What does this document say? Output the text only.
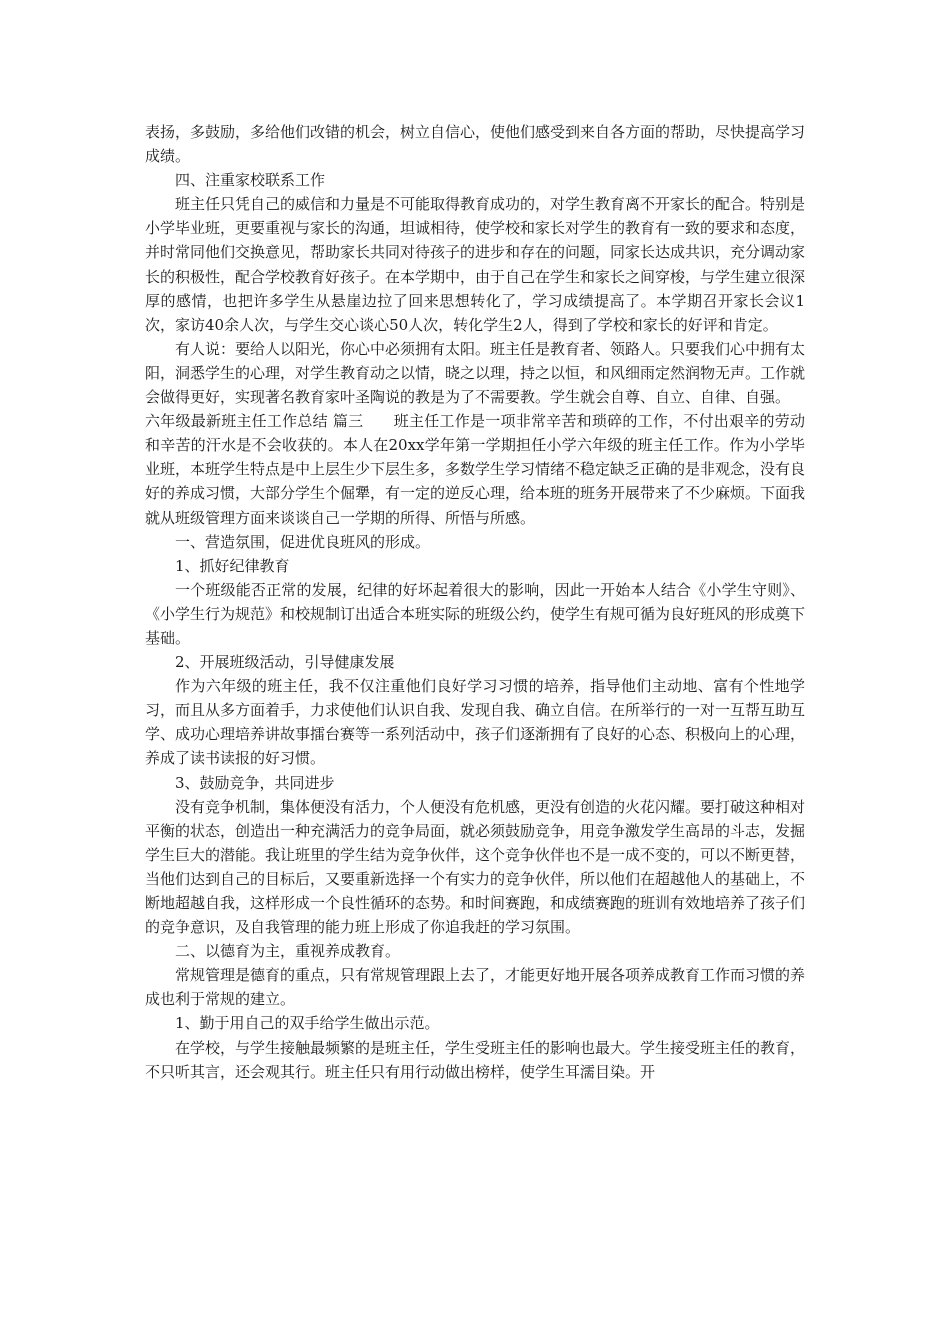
表扬，多鼓励，多给他们改错的机会，树立自信心，使他们感受到来自各方面的帮助，尽快提高学习成绩。

四、注重家校联系工作

班主任只凭自己的威信和力量是不可能取得教育成功的，对学生教育离不开家长的配合。特别是小学毕业班，更要重视与家长的沟通，坦诚相待，使学校和家长对学生的教育有一致的要求和态度，并时常同他们交换意见，帮助家长共同对待孩子的进步和存在的问题，同家长达成共识，充分调动家长的积极性，配合学校教育好孩子。在本学期中，由于自己在学生和家长之间穿梭，与学生建立很深厚的感情，也把许多学生从悬崖边拉了回来思想转化了，学习成绩提高了。本学期召开家长会议1次，家访40余人次，与学生交心谈心50人次，转化学生2人，得到了学校和家长的好评和肯定。

有人说：要给人以阳光，你心中必须拥有太阳。班主任是教育者、领路人。只要我们心中拥有太阳，洞悉学生的心理，对学生教育动之以情，晓之以理，持之以恒，和风细雨定然润物无声。工作就会做得更好，实现著名教育家叶圣陶说的教是为了不需要教。学生就会自尊、自立、自律、自强。

六年级最新班主任工作总结 篇三　　班主任工作是一项非常辛苦和琐碎的工作，不付出艰辛的劳动和辛苦的汗水是不会收获的。本人在20xx学年第一学期担任小学六年级的班主任工作。作为小学毕业班，本班学生特点是中上层生少下层生多，多数学生学习情绪不稳定缺乏正确的是非观念，没有良好的养成习惯，大部分学生个倔犟，有一定的逆反心理，给本班的班务开展带来了不少麻烦。下面我就从班级管理方面来谈谈自己一学期的所得、所悟与所感。

一、营造氛围，促进优良班风的形成。

1、抓好纪律教育

一个班级能否正常的发展，纪律的好坏起着很大的影响，因此一开始本人结合《小学生守则》、《小学生行为规范》和校规制订出适合本班实际的班级公约，使学生有规可循为良好班风的形成奠下基础。

2、开展班级活动，引导健康发展

作为六年级的班主任，我不仅注重他们良好学习习惯的培养，指导他们主动地、富有个性地学习，而且从多方面着手，力求使他们认识自我、发现自我、确立自信。在所举行的一对一互帮互助互学、成功心理培养讲故事擂台赛等一系列活动中，孩子们逐渐拥有了良好的心态、积极向上的心理，养成了读书读报的好习惯。

3、鼓励竞争，共同进步

没有竞争机制，集体便没有活力，个人便没有危机感，更没有创造的火花闪耀。要打破这种相对平衡的状态，创造出一种充满活力的竞争局面，就必须鼓励竞争，用竞争激发学生高昂的斗志，发掘学生巨大的潜能。我让班里的学生结为竞争伙伴，这个竞争伙伴也不是一成不变的，可以不断更替，当他们达到自己的目标后，又要重新选择一个有实力的竞争伙伴，所以他们在超越他人的基础上，不断地超越自我，这样形成一个良性循环的态势。和时间赛跑，和成绩赛跑的班训有效地培养了孩子们的竞争意识，及自我管理的能力班上形成了你追我赶的学习氛围。

二、以德育为主，重视养成教育。

常规管理是德育的重点，只有常规管理跟上去了，才能更好地开展各项养成教育工作而习惯的养成也利于常规的建立。

1、勤于用自己的双手给学生做出示范。

在学校，与学生接触最频繁的是班主任，学生受班主任的影响也最大。学生接受班主任的教育，不只听其言，还会观其行。班主任只有用行动做出榜样，使学生耳濡目染。开
